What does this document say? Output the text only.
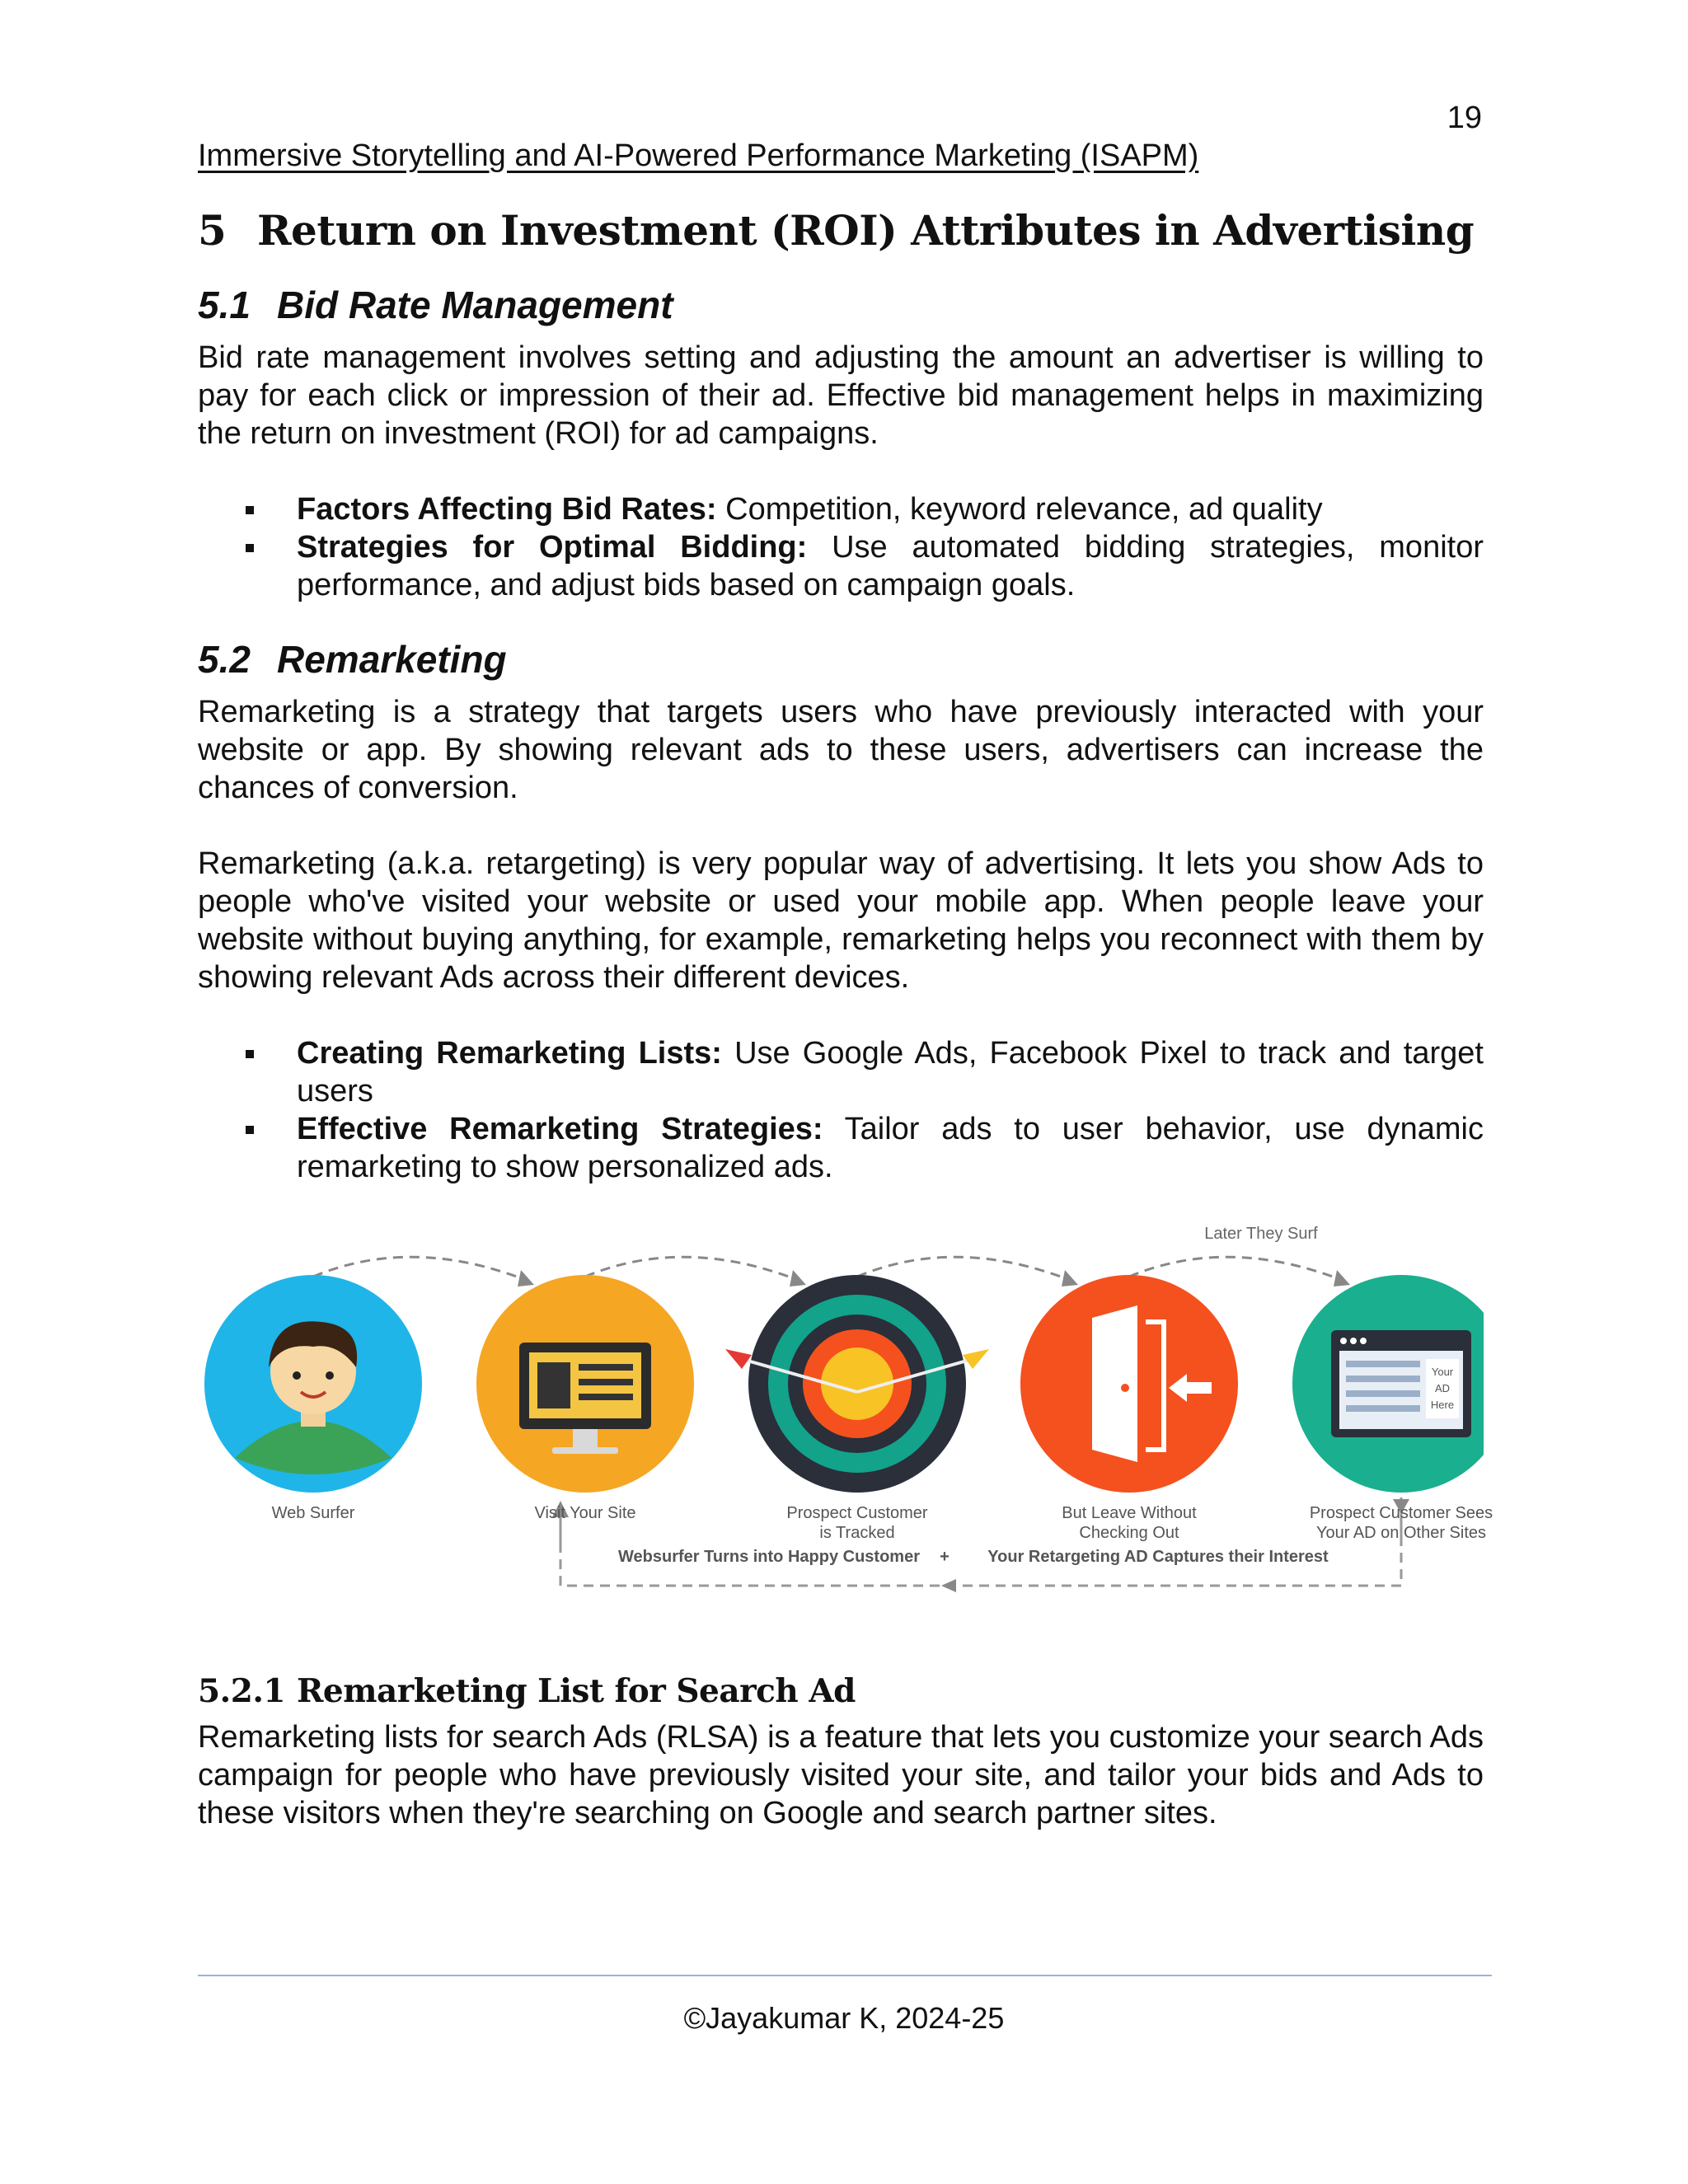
19
Immersive Storytelling and AI-Powered Performance Marketing (ISAPM)
5 Return on Investment (ROI) Attributes in Advertising
5.1 Bid Rate Management

Bid rate management involves setting and adjusting the amount an advertiser is willing to pay for each click or impression of their ad. Effective bid management helps in maximizing the return on investment (ROI) for ad campaigns.

Factors Affecting Bid Rates: Competition, keyword relevance, ad quality
Strategies for Optimal Bidding: Use automated bidding strategies, monitor performance, and adjust bids based on campaign goals.
5.2 Remarketing

Remarketing is a strategy that targets users who have previously interacted with your website or app. By showing relevant ads to these users, advertisers can increase the chances of conversion.

Remarketing (a.k.a. retargeting) is very popular way of advertising. It lets you show Ads to people who've visited your website or used your mobile app. When people leave your website without buying anything, for example, remarketing helps you reconnect with them by showing relevant Ads across their different devices.

Creating Remarketing Lists: Use Google Ads, Facebook Pixel to track and target users
Effective Remarketing Strategies: Tailor ads to user behavior, use dynamic remarketing to show personalized ads.
Your
AD
Here
Websurfer Turns into Happy Customer + Your Retargeting AD Captures their Interest
Later They Surf
Web Surfer	Visit Your Site	Prospect Customer
is Tracked
But Leave Without
Checking Out
Prospect Customer Sees
Your AD on Other Sites
5.2.1 Remarketing List for Search Ad

Remarketing lists for search Ads (RLSA) is a feature that lets you customize your search Ads campaign for people who have previously visited your site, and tailor your bids and Ads to these visitors when they're searching on Google and search partner sites.

©Jayakumar K, 2024-25
